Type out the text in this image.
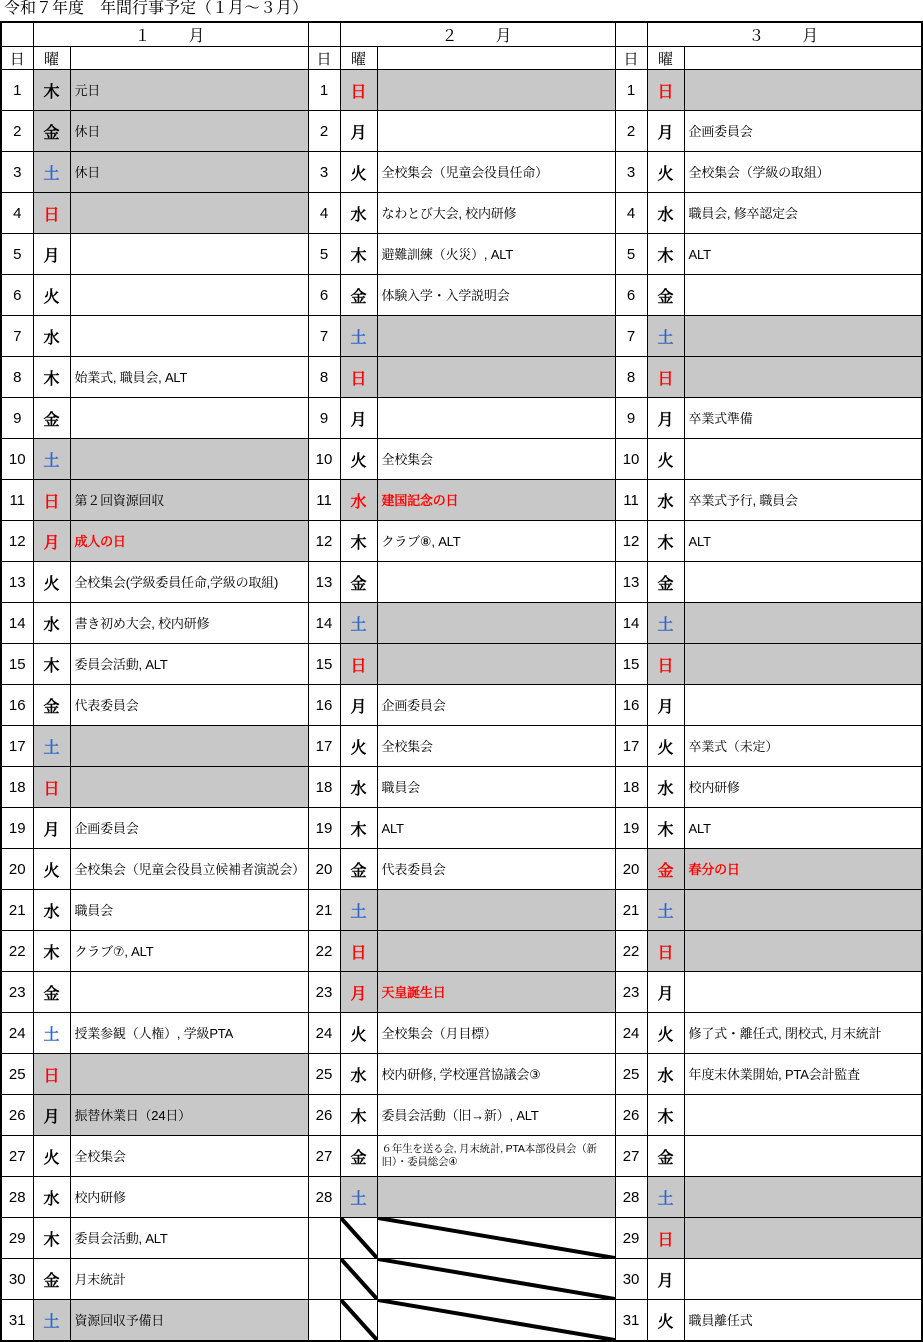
令和７年度　年間行事予定（１月～３月）
	１　　月			２　　月			３　　月	
日	曜		日	曜		日	曜	
1	木	元日	1	日		1	日	

2	金	休日	2	月		2	月	企画委員会

3	土	休日	3	火	全校集会（児童会役員任命）	3	火	全校集会（学級の取組）

4	日		4	水	なわとび大会, 校内研修	4	水	職員会, 修卒認定会

5	月		5	木	避難訓練（火災）, ALT	5	木	ALT

6	火		6	金	体験入学・入学説明会	6	金	

7	水		7	土		7	土	

8	木	始業式, 職員会, ALT	8	日		8	日	

9	金		9	月		9	月	卒業式準備

10	土		10	火	全校集会	10	火	

11	日	第２回資源回収	11	水	建国記念の日	11	水	卒業式予行, 職員会

12	月	成人の日	12	木	クラブ⑧, ALT	12	木	ALT

13	火	全校集会(学級委員任命,学級の取組)	13	金		13	金	

14	水	書き初め大会, 校内研修	14	土		14	土	

15	木	委員会活動, ALT	15	日		15	日	

16	金	代表委員会	16	月	企画委員会	16	月	

17	土		17	火	全校集会	17	火	卒業式（未定）

18	日		18	水	職員会	18	水	校内研修

19	月	企画委員会	19	木	ALT	19	木	ALT

20	火	全校集会（児童会役員立候補者演説会）	20	金	代表委員会	20	金	春分の日

21	水	職員会	21	土		21	土	

22	木	クラブ⑦, ALT	22	日		22	日	

23	金		23	月	天皇誕生日	23	月	

24	土	授業参観（人権）, 学級PTA	24	火	全校集会（月目標）	24	火	修了式・離任式, 閉校式, 月末統計

25	日		25	水	校内研修, 学校運営協議会③	25	水	年度末休業開始, PTA会計監査

26	月	振替休業日（24日）	26	木	委員会活動（旧→新）, ALT	26	木	

27	火	全校集会	27	金	６年生を送る会, 月末統計, PTA本部役員会（新旧）・委員総会④	27	金	

28	水	校内研修	28	土		28	土	

29	木	委員会活動, ALT				29	日	

30	金	月末統計				30	月	

31	土	資源回収予備日				31	火	職員離任式
